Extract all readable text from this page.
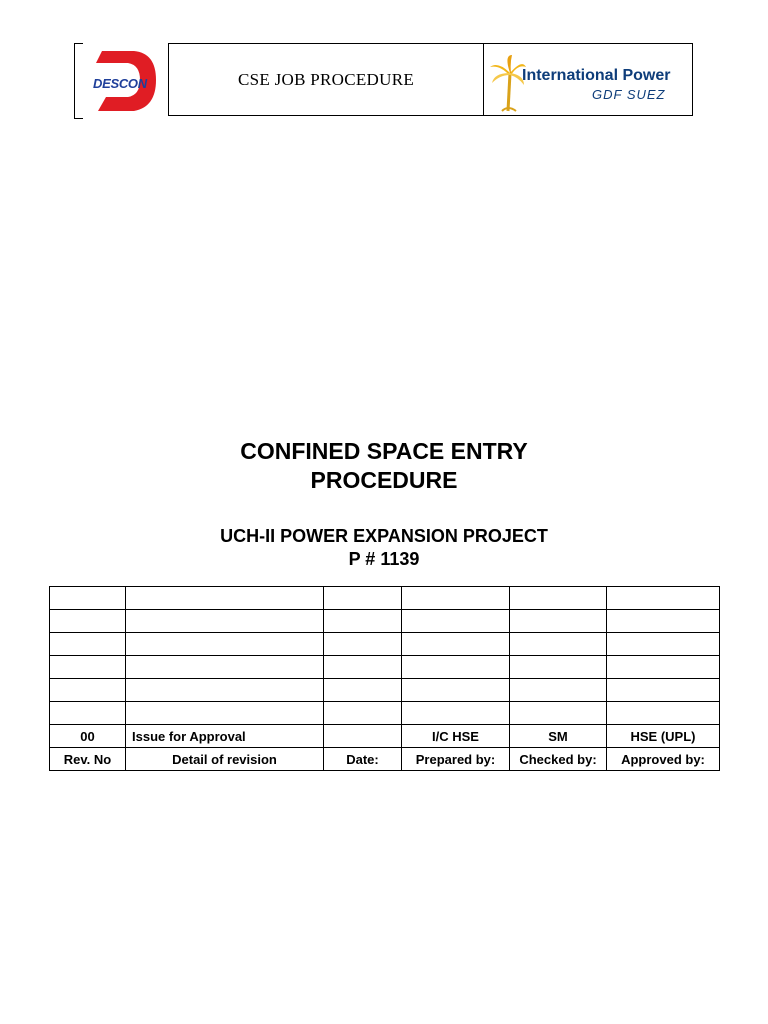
DESCON	CSE JOB PROCEDURE	International Power
GDF SUEZ
CONFINED SPACE ENTRY
PROCEDURE
UCH-II POWER EXPANSION PROJECT
P # 1139

00	Issue for Approval		I/C HSE	SM	HSE (UPL)
Rev. No	Detail of revision	Date:	Prepared by:	Checked by:	Approved by:
